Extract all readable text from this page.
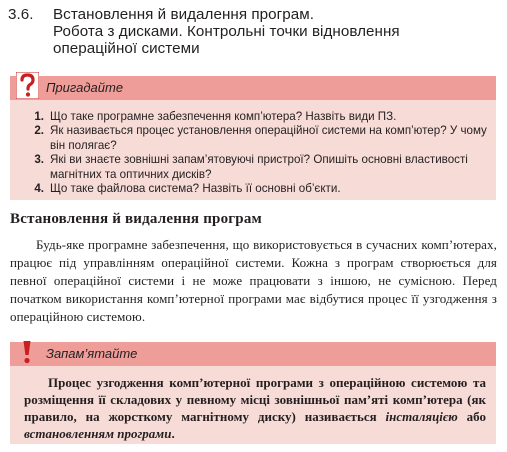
3.6.	Встановлення й видалення програм.
Робота з дисками. Контрольні точки відновлення
операційної системи
Пригадайте
1. Що таке програмне забезпечення комп’ютера? Назвіть види ПЗ.
2. Як називається процес установлення операційної системи на комп’ютер? У чому він полягає?
3. Які ви знаєте зовнішні запам’ятовуючі пристрої? Опишіть основні властивості магнітних та оптичних дисків?
4. Що таке файлова система? Назвіть її основні об’єкти.
Встановлення й видалення програм

Будь-яке програмне забезпечення, що використовується в сучасних комп’ютерах, працює під управлінням операційної системи. Кожна з програм створюється для певної операційної системи і не може працювати з іншою, не сумісною. Перед початком використання комп’ютерної програми має відбутися процес її узгодження з операційною системою.

Запам’ятайте

Процес узгодження комп’ютерної програми з операційною системою та розміщення її складових у певному місці зовнішньої пам’яті комп’ютера (як правило, на жорсткому магнітному диску) називається інсталяцією або встановленням програми.
